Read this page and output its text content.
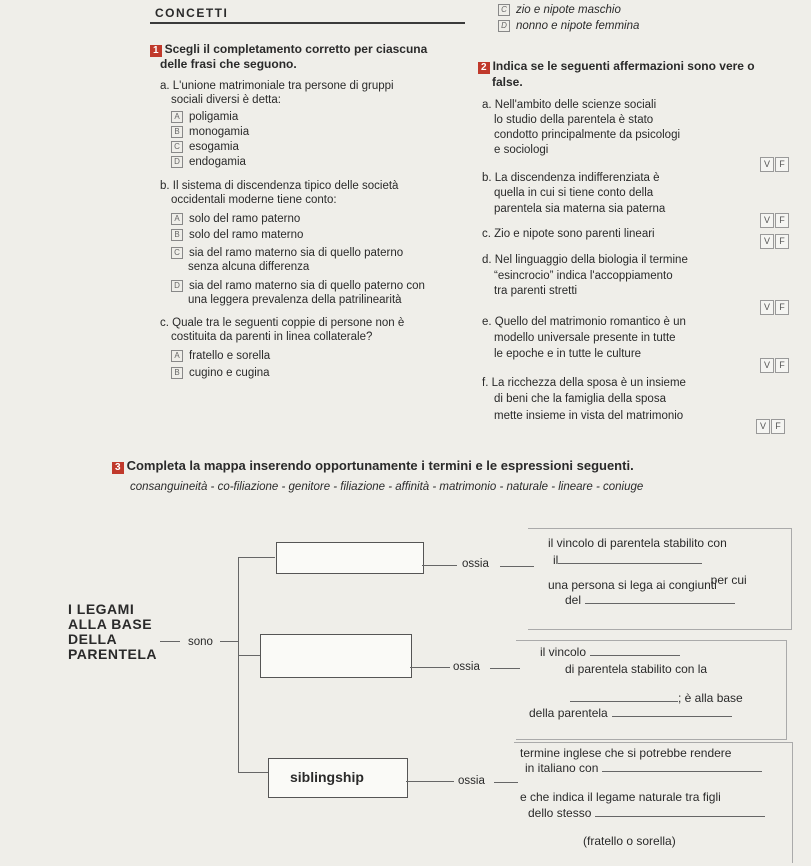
CONCETTI	C zio e nipote maschio
D nonno e nipote femmina
1 Scegli il completamento corretto per ciascuna
delle frasi che seguono.
a. L'unione matrimoniale tra persone di gruppi
sociali diversi è detta:
A poligamia
B monogamia
C esogamia
D endogamia
b. Il sistema di discendenza tipico delle società
occidentali moderne tiene conto:
A solo del ramo paterno
B solo del ramo materno
C sia del ramo materno sia di quello paterno
senza alcuna differenza
D sia del ramo materno sia di quello paterno con
una leggera prevalenza della patrilinearità
c. Quale tra le seguenti coppie di persone non è
costituita da parenti in linea collaterale?
A fratello e sorella
B cugino e cugina
2 Indica se le seguenti affermazioni sono vere o
false.
a. Nell'ambito delle scienze sociali
lo studio della parentela è stato
condotto principalmente da psicologi
e sociologi
V F
b. La discendenza indifferenziata è
quella in cui si tiene conto della
parentela sia materna sia paterna
V F
c. Zio e nipote sono parenti lineari
V F
d. Nel linguaggio della biologia il termine
“esincrocio” indica l'accoppiamento
tra parenti stretti
V F
e. Quello del matrimonio romantico è un
modello universale presente in tutte
le epoche e in tutte le culture
V F
f. La ricchezza della sposa è un insieme
di beni che la famiglia della sposa
mette insieme in vista del matrimonio
V F
3 Completa la mappa inserendo opportunamente i termini e le espressioni seguenti.
consanguineità - co-filiazione - genitore - filiazione - affinità - matrimonio - naturale - lineare - coniuge
I LEGAMI
ALLA BASE
DELLA
PARENTELA
sono
ossia
il vincolo di parentela stabilito con
il
, per cui
una persona si lega ai congiunti
del
ossia
il vincolo
di parentela stabilito con la
; è alla base
della parentela
siblingship	ossia
termine inglese che si potrebbe rendere
in italiano con
e che indica il legame naturale tra figli
dello stesso
(fratello o sorella)
